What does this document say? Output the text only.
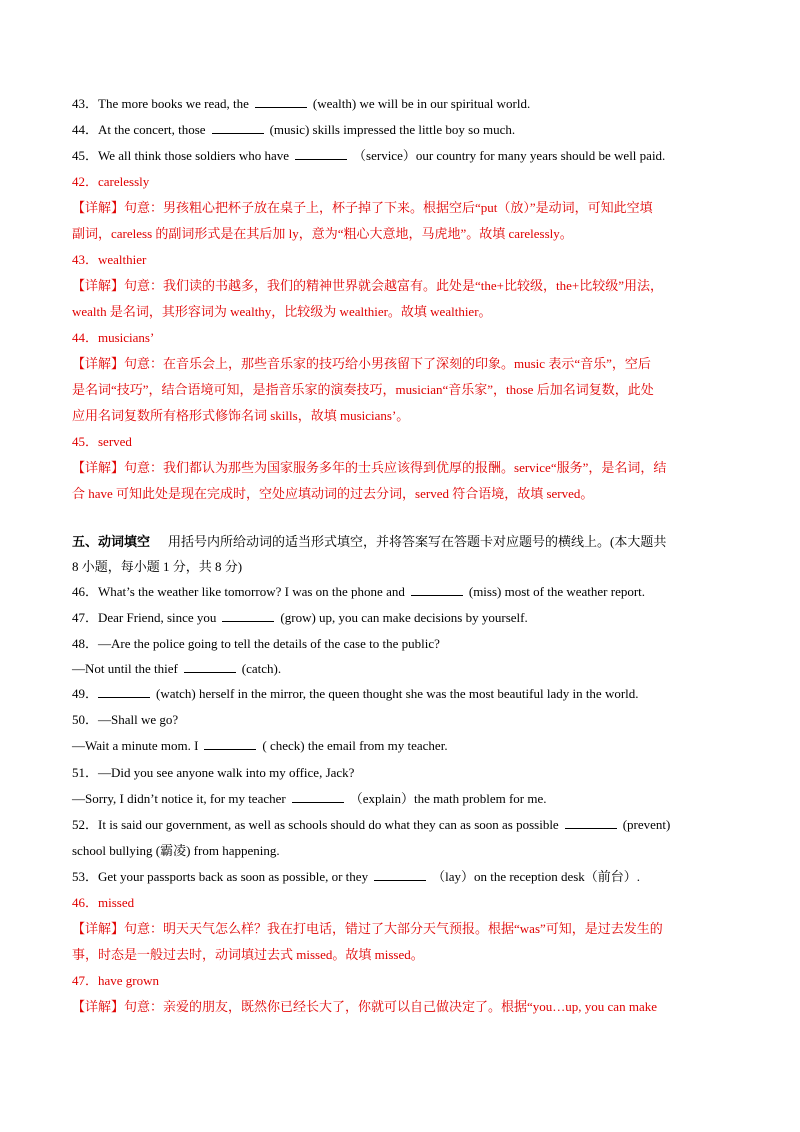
43．The more books we read, the	(wealth) we will be in our spiritual world.
44．At the concert, those	(music) skills impressed the little boy so much.
45．We all think those soldiers who have	（service）our country for many years should be well paid.
42．carelessly
【详解】句意：男孩粗心把杯子放在桌子上，杯子掉了下来。根据空后“put（放）”是动词，可知此空填
副词，careless 的副词形式是在其后加 ly，意为“粗心大意地，马虎地”。故填 carelessly。
43．wealthier
【详解】句意：我们读的书越多，我们的精神世界就会越富有。此处是“the+比较级，the+比较级”用法，
wealth 是名词，其形容词为 wealthy，比较级为 wealthier。故填 wealthier。
44．musicians’
【详解】句意：在音乐会上，那些音乐家的技巧给小男孩留下了深刻的印象。music 表示“音乐”，空后
是名词“技巧”，结合语境可知，是指音乐家的演奏技巧，musician“音乐家”，those 后加名词复数，此处
应用名词复数所有格形式修饰名词 skills，故填 musicians’。
45．served
【详解】句意：我们都认为那些为国家服务多年的士兵应该得到优厚的报酬。service“服务”，是名词，结
合 have 可知此处是现在完成时，空处应填动词的过去分词，served 符合语境，故填 served。
五、动词填空 用括号内所给动词的适当形式填空，并将答案写在答题卡对应题号的横线上。(本大题共
8 小题，每小题 1 分，共 8 分)
46．What’s the weather like tomorrow? I was on the phone and	(miss) most of the weather report.
47．Dear Friend, since you	(grow) up, you can make decisions by yourself.
48．—Are the police going to tell the details of the case to the public?
—Not until the thief	(catch).
49．	(watch) herself in the mirror, the queen thought she was the most beautiful lady in the world.
50．—Shall we go?
—Wait a minute mom. I	( check) the email from my teacher.
51．—Did you see anyone walk into my office, Jack?
—Sorry, I didn’t notice it, for my teacher	（explain）the math problem for me.
52．It is said our government, as well as schools should do what they can as soon as possible	(prevent)
school bullying (霸凌) from happening.
53．Get your passports back as soon as possible, or they	（lay）on the reception desk（前台）.
46．missed
【详解】句意：明天天气怎么样？我在打电话，错过了大部分天气预报。根据“was”可知，是过去发生的
事，时态是一般过去时，动词填过去式 missed。故填 missed。
47．have grown
【详解】句意：亲爱的朋友，既然你已经长大了，你就可以自己做决定了。根据“you…up, you can make
